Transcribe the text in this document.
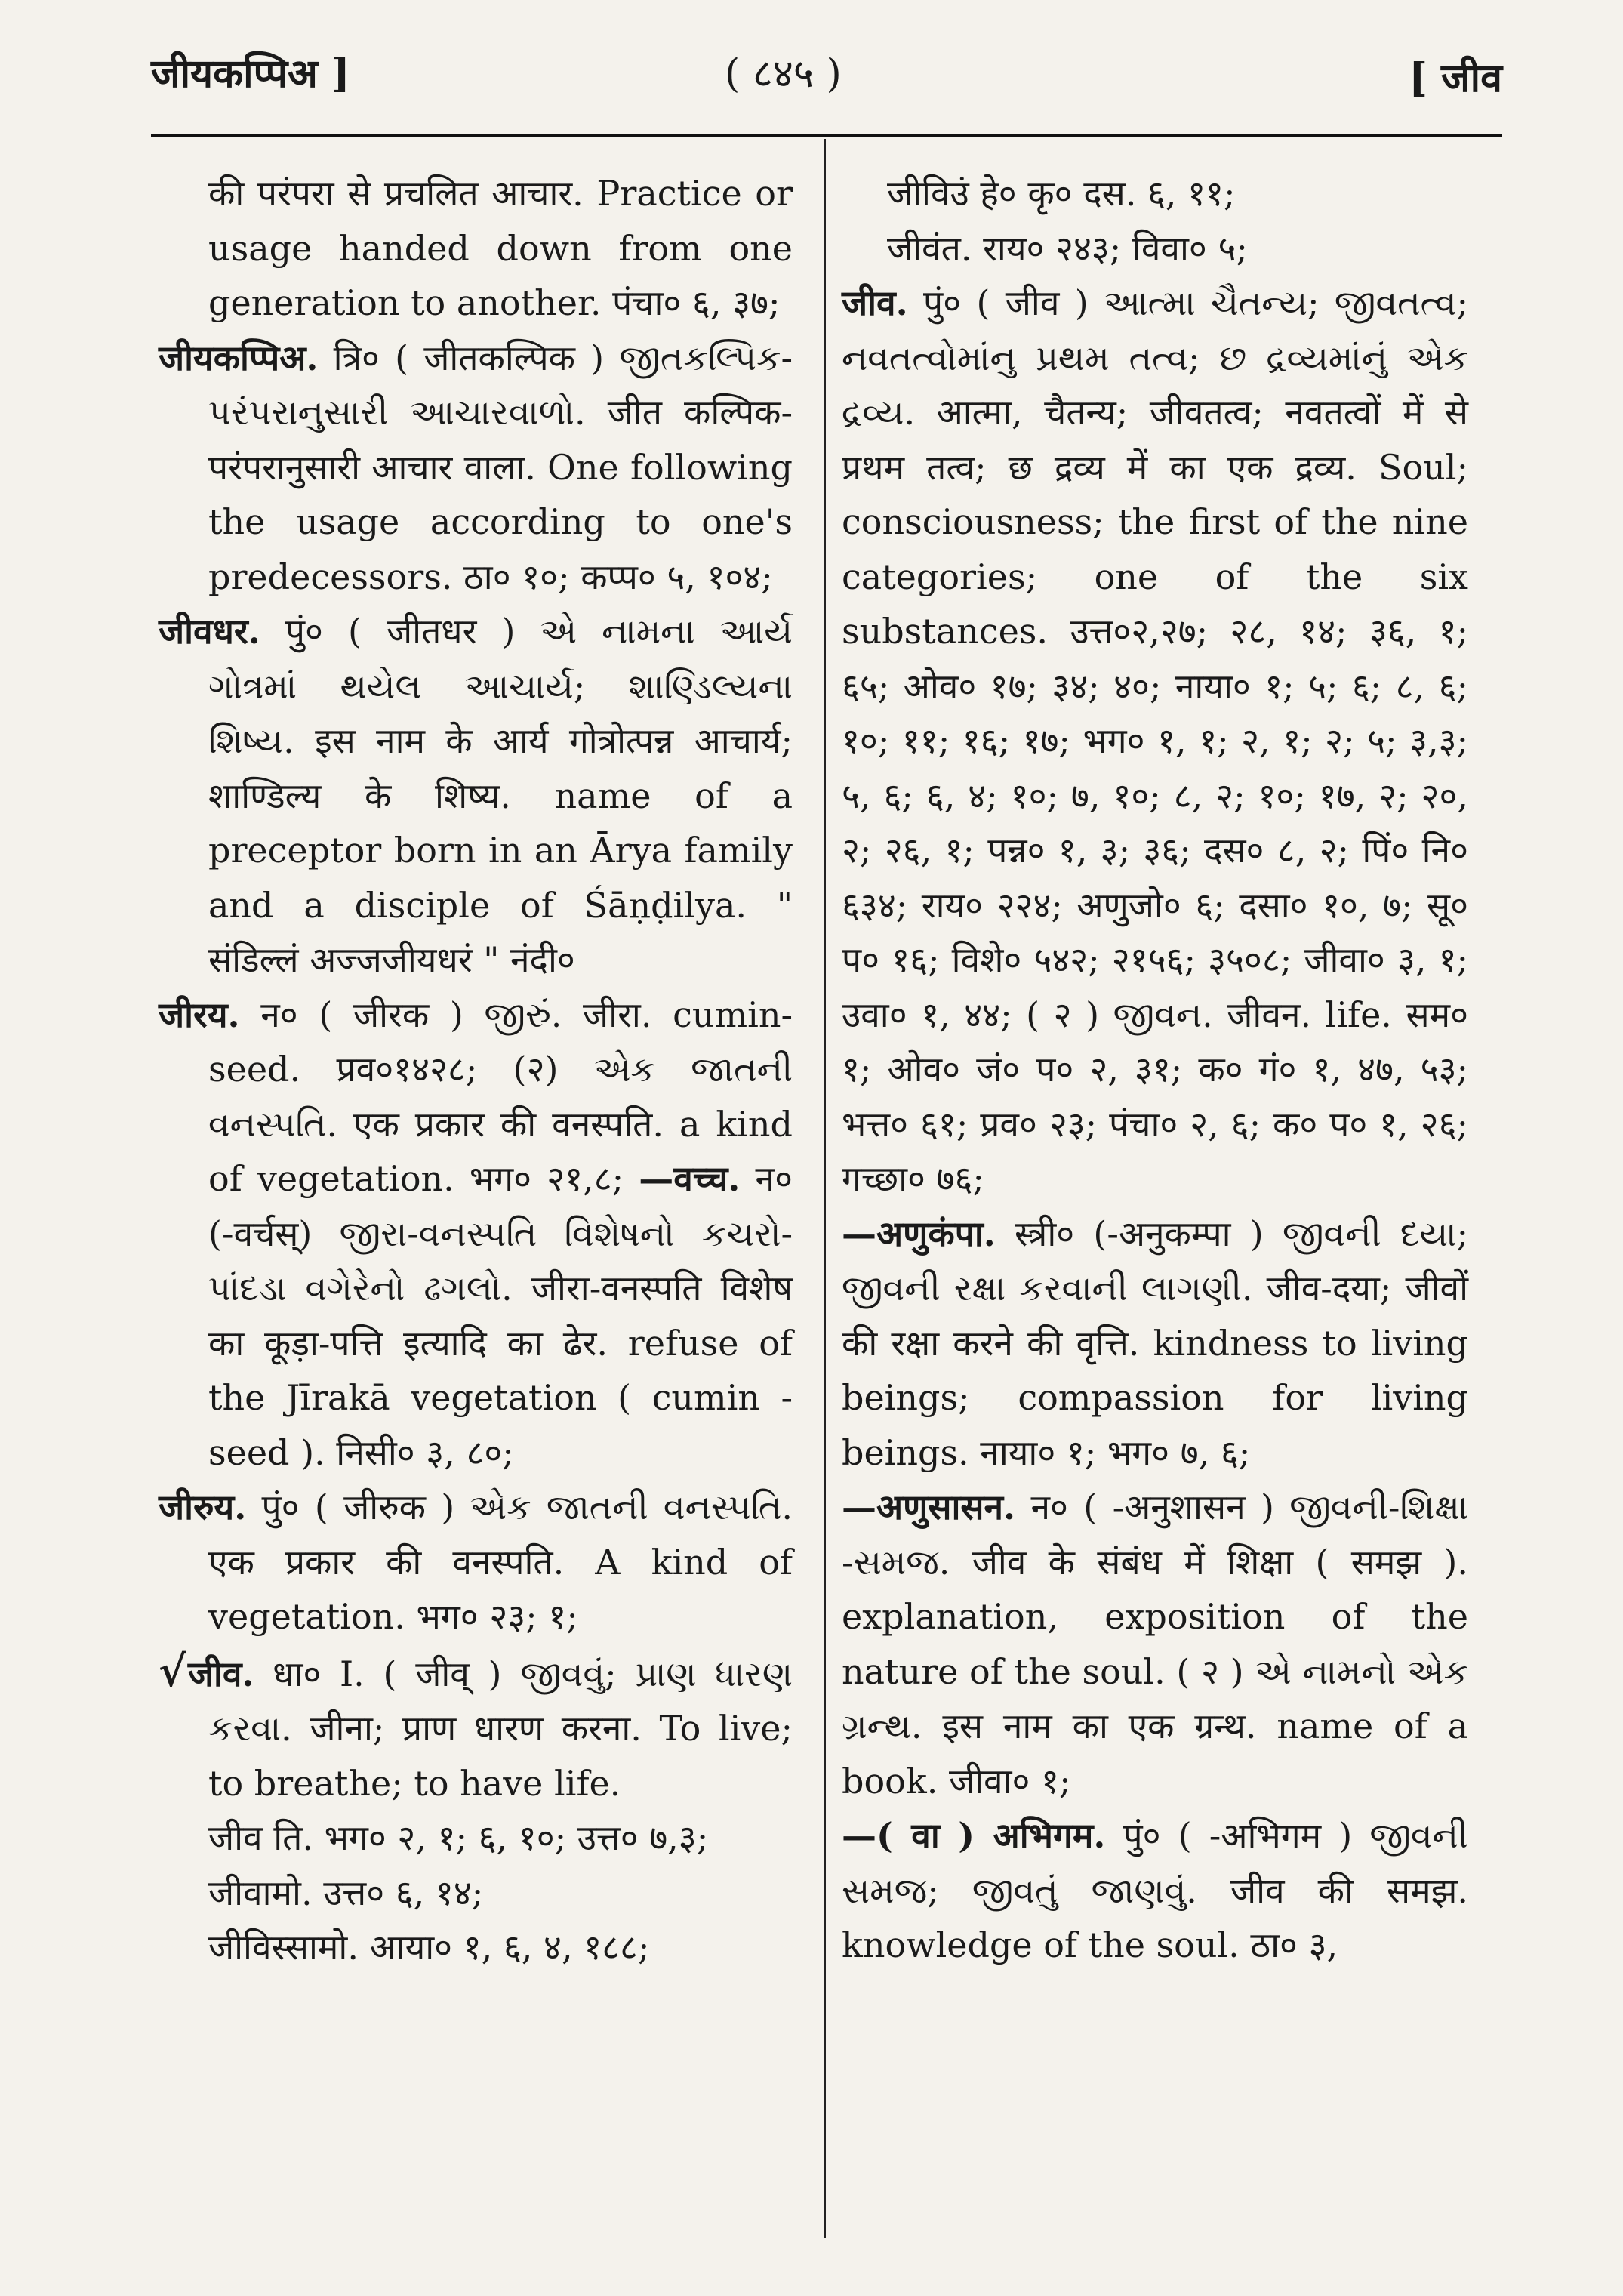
जीयकप्पिअ ]	( ८४५ )	[ जीव

की परंपरा से प्रचलित आचार. Practice or usage handed down from one generation to another. पंचा० ६, ३७;

जीयकप्पिअ. त्रि० ( जीतकल्पिक ) જીતકલ્પિક-પરંપરાનુસારી આચારવાળો. जीत कल्पिक-परंपरानुसारी आचार वाला. One following the usage according to one's predecessors. ठा० १०; कप्प० ५, १०४;

जीवधर. पुं० ( जीतधर ) એ નામના આર્ય ગોત્રમાં થયેલ આચાર્ય; શાણ્ડિલ્યના શિષ્ય. इस नाम के आर्य गोत्रोत्पन्न आचार्य; शाण्डिल्य के शिष्य. name of a preceptor born in an Ārya family and a disciple of Śāṇḍilya. " संडिल्लं अज्जजीयधरं " नंदी०

जीरय. न० ( जीरक ) જીરું. जीरा. cumin-seed. प्रव०१४२८; (२) એક જાતની વનસ્પતિ. एक प्रकार की वनस्पति. a kind of vegetation. भग० २१,८; —वच्च. न० (-वर्चस्) જીરા-વનસ્પતિ વિશેષનો કચરો-પાંદડા વગેરેનો ઢગલો. जीरा-वनस्पति विशेष का कूड़ा-पत्ति इत्यादि का ढेर. refuse of the Jīrakā vegetation ( cumin -seed ). निसी० ३, ८०;

जीरुय. पुं० ( जीरुक ) એક જાતની વનસ્પતિ. एक प्रकार की वनस्पति. A kind of vegetation. भग० २३; १;

√जीव. धा० I. ( जीव् ) જીવવું; પ્રાણ ધારણ કરવા. जीना; प्राण धारण करना. To live; to breathe; to have life.

जीव ति. भग० २, १; ६, १०; उत्त० ७,३;

जीवामो. उत्त० ६, १४;

जीविस्सामो. आया० १, ६, ४, १८८;

जीविउं हे० कृ० दस. ६, ११;

जीवंत. राय० २४३; विवा० ५;

जीव. पुं० ( जीव ) આત્મા ચૈતન્ય; જીવતત્વ; નવતત્વોમાંનુ પ્રથમ તત્વ; છ દ્રવ્યમાંનું એક દ્રવ્ય. आत्मा, चैतन्य; जीवतत्व; नवतत्वों में से प्रथम तत्व; छ द्रव्य में का एक द्रव्य. Soul; consciousness; the first of the nine categories; one of the six substances. उत्त०२,२७; २८, १४; ३६, १; ६५; ओव० १७; ३४; ४०; नाया० १; ५; ६; ८, ६; १०; ११; १६; १७; भग० १, १; २, १; २; ५; ३,३; ५, ६; ६, ४; १०; ७, १०; ८, २; १०; १७, २; २०, २; २६, १; पन्न० १, ३; ३६; दस० ८, २; पिं० नि० ६३४; राय० २२४; अणुजो० ६; दसा० १०, ७; सू० प० १६; विशे० ५४२; २१५६; ३५०८; जीवा० ३, १; उवा० १, ४४; ( २ ) જીવન. जीवन. life. सम० १; ओव० जं० प० २, ३१; क० गं० १, ४७, ५३; भत्त० ६१; प्रव० २३; पंचा० २, ६; क० प० १, २६; गच्छा० ७६;

—अणुकंपा. स्त्री० (-अनुकम्पा ) જીવની દયા; જીવની રક્ષા કરવાની લાગણી. जीव-दया; जीवों की रक्षा करने की वृत्ति. kindness to living beings; compassion for living beings. नाया० १; भग० ७, ६;

—अणुसासन. न० ( -अनुशासन ) જીવની-શિક્ષા -સમજ. जीव के संबंध में शिक्षा ( समझ ). explanation, exposition of the nature of the soul. ( २ ) એ નામનો એક ગ્રન્થ. इस नाम का एक ग्रन्थ. name of a book. जीवा० १;

—( वा ) अभिगम. पुं० ( -अभिगम ) જીવની સમજ; જીવતું જાણવું. जीव की समझ. knowledge of the soul. ठा० ३,
